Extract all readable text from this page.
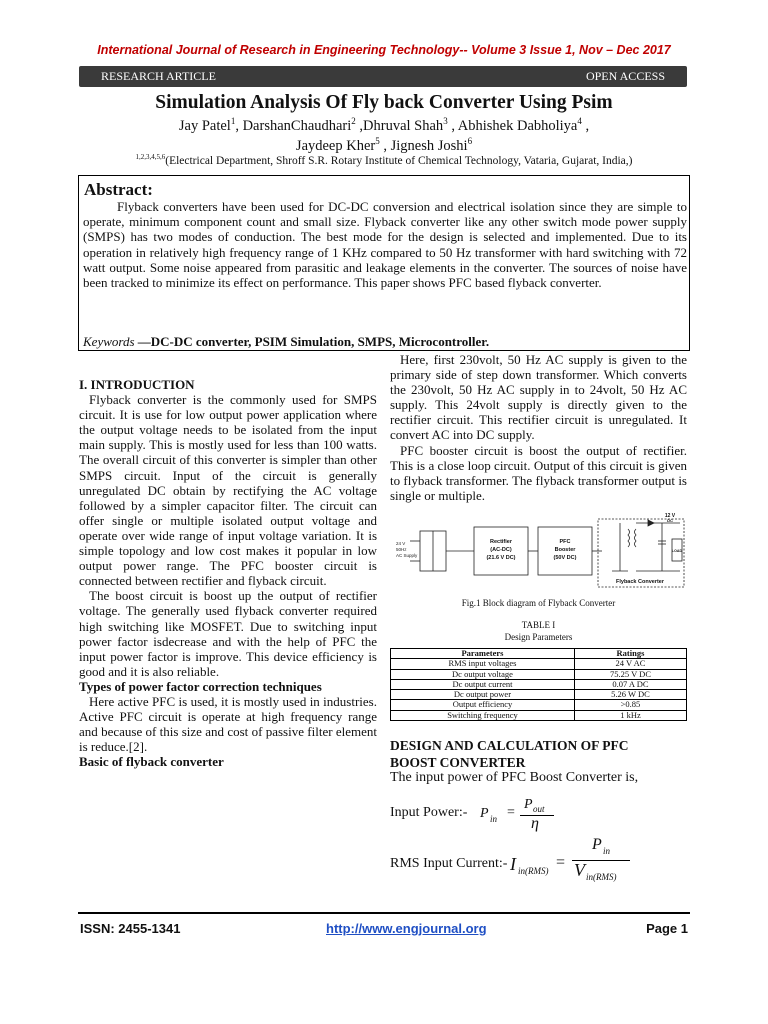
International Journal of Research in Engineering Technology-- Volume 3 Issue 1, Nov – Dec 2017
RESEARCH ARTICLE	OPEN ACCESS
Simulation Analysis Of Fly back Converter Using Psim
Jay Patel$^1$, DarshanChaudhari$^2$ ,Dhruval Shah$^3$ , Abhishek Dabholiya$^4$ ,
Jaydeep Kher$^5$ , Jignesh Joshi$^6$
$^{1,2,3,4,5,6}$(Electrical Department, Shroff S.R. Rotary Institute of Chemical Technology, Vataria, Gujarat, India,)
Abstract:
Flyback converters have been used for DC-DC conversion and electrical isolation since they are simple to operate, minimum component count and small size. Flyback converter like any other switch mode power supply (SMPS) has two modes of conduction. The best mode for the design is selected and implemented. Due to its operation in relatively high frequency range of 1 KHz compared to 50 Hz transformer with hard switching with 72 watt output. Some noise appeared from parasitic and leakage elements in the converter. The sources of noise have been tracked to minimize its effect on performance. This paper shows PFC based flyback converter.
Keywords —DC-DC converter, PSIM Simulation, SMPS, Microcontroller.
I. INTRODUCTION

Flyback converter is the commonly used for SMPS circuit. It is use for low output power application where the output voltage needs to be isolated from the input main supply. This is mostly used for less than 100 watts. The overall circuit of this converter is simpler than other SMPS circuit. Input of the circuit is generally unregulated DC obtain by rectifying the AC voltage followed by a simpler capacitor filter. The circuit can offer single or multiple isolated output voltage and operate over wide range of input voltage variation. It is simple topology and low cost makes it popular in low output power range. The PFC booster circuit is connected between rectifier and flyback circuit.

The boost circuit is boost up the output of rectifier voltage. The generally used flyback converter required high switching like MOSFET. Due to switching input power factor isdecrease and with the help of PFC the input power factor is improve. This device efficiency is good and it is also reliable.

Types of power factor correction techniques

Here active PFC is used, it is mostly used in industries. Active PFC circuit is operate at high frequency range and because of this size and cost of passive filter element is reduce.[2].

Basic of flyback converter

Here, first 230volt, 50 Hz AC supply is given to the primary side of step down transformer. Which converts the 230volt, 50 Hz AC supply in to 24volt, 50 Hz AC supply. This 24volt supply is directly given to the rectifier circuit. This rectifier circuit is unregulated. It convert AC into DC supply.

PFC booster circuit is boost the output of rectifier. This is a close loop circuit. Output of this circuit is given to flyback transformer. The flyback transformer output is single or multiple.

24 V
50Hz
AC Supply
Rectifier
(AC-DC)
(21.6 V DC)
PFC
Booster
(50V DC)
Flyback Converter
12 V
DC
LOAD
Fig.1 Block diagram of Flyback Converter
TABLE I
Design Parameters
Parameters	Ratings
RMS input voltages	24 V AC
Dc output voltage	75.25 V DC
Dc output current	0.07 A DC
Dc output power	5.26 W DC
Output efficiency	>0.85
Switching frequency	1 kHz
DESIGN AND CALCULATION OF PFC
BOOST CONVERTER
The input power of PFC Boost Converter is,
Input Power:- P in =
P out
η
RMS Input Current:- I in(RMS) =
P in
V in(RMS)
ISSN: 2455-1341	http://www.engjournal.org	Page 1
